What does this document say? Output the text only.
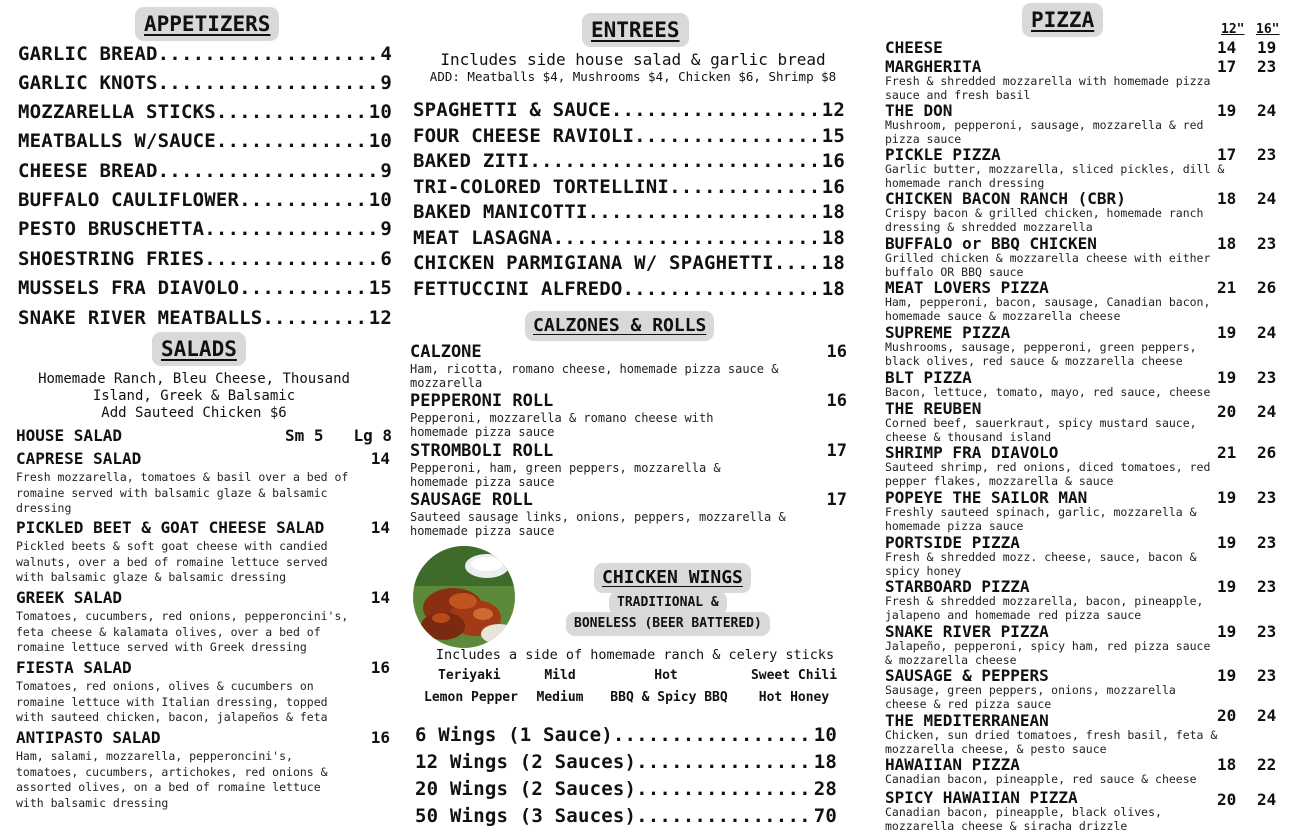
APPETIZERS
GARLIC BREAD .....	4
GARLIC KNOTS .....	9
MOZZARELLA STICKS .....	10
MEATBALLS W/SAUCE .....	10
CHEESE BREAD .....	9
BUFFALO CAULIFLOWER .....	10
PESTO BRUSCHETTA .....	9
SHOESTRING FRIES .....	6
MUSSELS FRA DIAVOLO .....	15
SNAKE RIVER MEATBALLS .....	12
SALADS
Homemade Ranch, Bleu Cheese, Thousand
Island, Greek & Balsamic
Add Sauteed Chicken $6
HOUSE SALAD	Sm 5 Lg 8
CAPRESE SALAD	14
Fresh mozzarella, tomatoes & basil over a bed of romaine served with balsamic glaze & balsamic dressing
PICKLED BEET & GOAT CHEESE SALAD	14
Pickled beets & soft goat cheese with candied walnuts, over a bed of romaine lettuce served with balsamic glaze & balsamic dressing
GREEK SALAD	14
Tomatoes, cucumbers, red onions, pepperoncini's, feta cheese & kalamata olives, over a bed of romaine lettuce served with Greek dressing
FIESTA SALAD	16
Tomatoes, red onions, olives & cucumbers on romaine lettuce with Italian dressing, topped with sauteed chicken, bacon, jalapeños & feta
ANTIPASTO SALAD	16
Ham, salami, mozzarella, pepperoncini's, tomatoes, cucumbers, artichokes, red onions & assorted olives, on a bed of romaine lettuce with balsamic dressing
ENTREES
Includes side house salad & garlic bread
ADD: Meatballs $4, Mushrooms $4, Chicken $6, Shrimp $8
SPAGHETTI & SAUCE .....	12
FOUR CHEESE RAVIOLI .....	15
BAKED ZITI .....	16
TRI-COLORED TORTELLINI .....	16
BAKED MANICOTTI .....	18
MEAT LASAGNA .....	18
CHICKEN PARMIGIANA W/ SPAGHETTI .....	18
FETTUCCINI ALFREDO .....	18
CALZONES & ROLLS
CALZONE	16
Ham, ricotta, romano cheese, homemade pizza sauce & mozzarella
PEPPERONI ROLL	16
Pepperoni, mozzarella & romano cheese with homemade pizza sauce
STROMBOLI ROLL	17
Pepperoni, ham, green peppers, mozzarella & homemade pizza sauce
SAUSAGE ROLL	17
Sauteed sausage links, onions, peppers, mozzarella & homemade pizza sauce
CHICKEN WINGS
TRADITIONAL &
BONELESS (BEER BATTERED)
Includes a side of homemade ranch & celery sticks
Teriyaki	Mild	Hot	Sweet Chili
Lemon Pepper	Medium	BBQ & Spicy BBQ	Hot Honey
6 Wings (1 Sauce) .....	10
12 Wings (2 Sauces) .....	18
20 Wings (2 Sauces) .....	28
50 Wings (3 Sauces) .....	70
PIZZA	12" 16"
CHEESE	14 19
MARGHERITA	17 23
Fresh & shredded mozzarella with homemade pizza sauce and fresh basil
THE DON	19 24
Mushroom, pepperoni, sausage, mozzarella & red pizza sauce
PICKLE PIZZA	17 23
Garlic butter, mozzarella, sliced pickles, dill & homemade ranch dressing
CHICKEN BACON RANCH (CBR)	18 24
Crispy bacon & grilled chicken, homemade ranch dressing & shredded mozzarella
BUFFALO or BBQ CHICKEN	18 23
Grilled chicken & mozzarella cheese with either buffalo OR BBQ sauce
MEAT LOVERS PIZZA	21 26
Ham, pepperoni, bacon, sausage, Canadian bacon, homemade sauce & mozzarella cheese
SUPREME PIZZA	19 24
Mushrooms, sausage, pepperoni, green peppers, black olives, red sauce & mozzarella cheese
BLT PIZZA	19 23
Bacon, lettuce, tomato, mayo, red sauce, cheese
THE REUBEN	20 24
Corned beef, sauerkraut, spicy mustard sauce, cheese & thousand island
SHRIMP FRA DIAVOLO	21 26
Sauteed shrimp, red onions, diced tomatoes, red pepper flakes, mozzarella & sauce
POPEYE THE SAILOR MAN	19 23
Freshly sauteed spinach, garlic, mozzarella & homemade pizza sauce
PORTSIDE PIZZA	19 23
Fresh & shredded mozz. cheese, sauce, bacon & spicy honey
STARBOARD PIZZA	19 23
Fresh & shredded mozzarella, bacon, pineapple, jalapeno and homemade red pizza sauce
SNAKE RIVER PIZZA	19 23
Jalapeño, pepperoni, spicy ham, red pizza sauce & mozzarella cheese
SAUSAGE & PEPPERS	19 23
Sausage, green peppers, onions, mozzarella cheese & red pizza sauce
THE MEDITERRANEAN	20 24
Chicken, sun dried tomatoes, fresh basil, feta & mozzarella cheese, & pesto sauce
HAWAIIAN PIZZA	18 22
Canadian bacon, pineapple, red sauce & cheese
SPICY HAWAIIAN PIZZA	20 24
Canadian bacon, pineapple, black olives, mozzarella cheese & siracha drizzle
